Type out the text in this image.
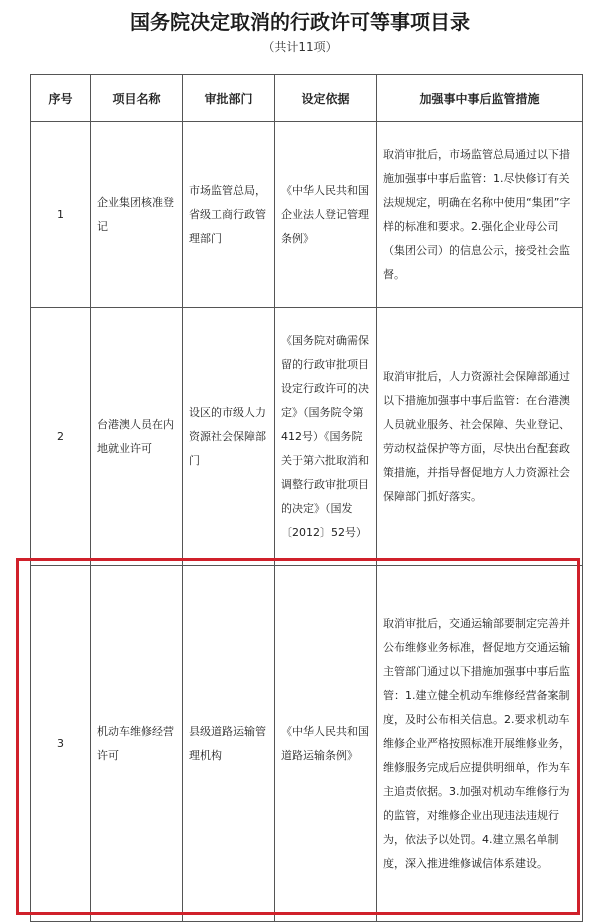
国务院决定取消的行政许可等事项目录
（共计11项）
序号	项目名称	审批部门	设定依据	加强事中事后监管措施
1	企业集团核准登记	市场监管总局，省级工商行政管理部门	《中华人民共和国企业法人登记管理条例》	取消审批后，市场监管总局通过以下措施加强事中事后监管：1.尽快修订有关法规规定，明确在名称中使用“集团”字样的标准和要求。2.强化企业母公司（集团公司）的信息公示，接受社会监督。
2	台港澳人员在内地就业许可	设区的市级人力资源社会保障部门	《国务院对确需保留的行政审批项目设定行政许可的决定》（国务院令第412号）《国务院关于第六批取消和调整行政审批项目的决定》（国发〔2012〕52号）	取消审批后，人力资源社会保障部通过以下措施加强事中事后监管：在台港澳人员就业服务、社会保障、失业登记、劳动权益保护等方面，尽快出台配套政策措施，并指导督促地方人力资源社会保障部门抓好落实。
3	机动车维修经营许可	县级道路运输管理机构	《中华人民共和国道路运输条例》	取消审批后，交通运输部要制定完善并公布维修业务标准，督促地方交通运输主管部门通过以下措施加强事中事后监管：1.建立健全机动车维修经营备案制度，及时公布相关信息。2.要求机动车维修企业严格按照标准开展维修业务，维修服务完成后应提供明细单，作为车主追责依据。3.加强对机动车维修行为的监管，对维修企业出现违法违规行为，依法予以处罚。4.建立黑名单制度，深入推进维修诚信体系建设。
